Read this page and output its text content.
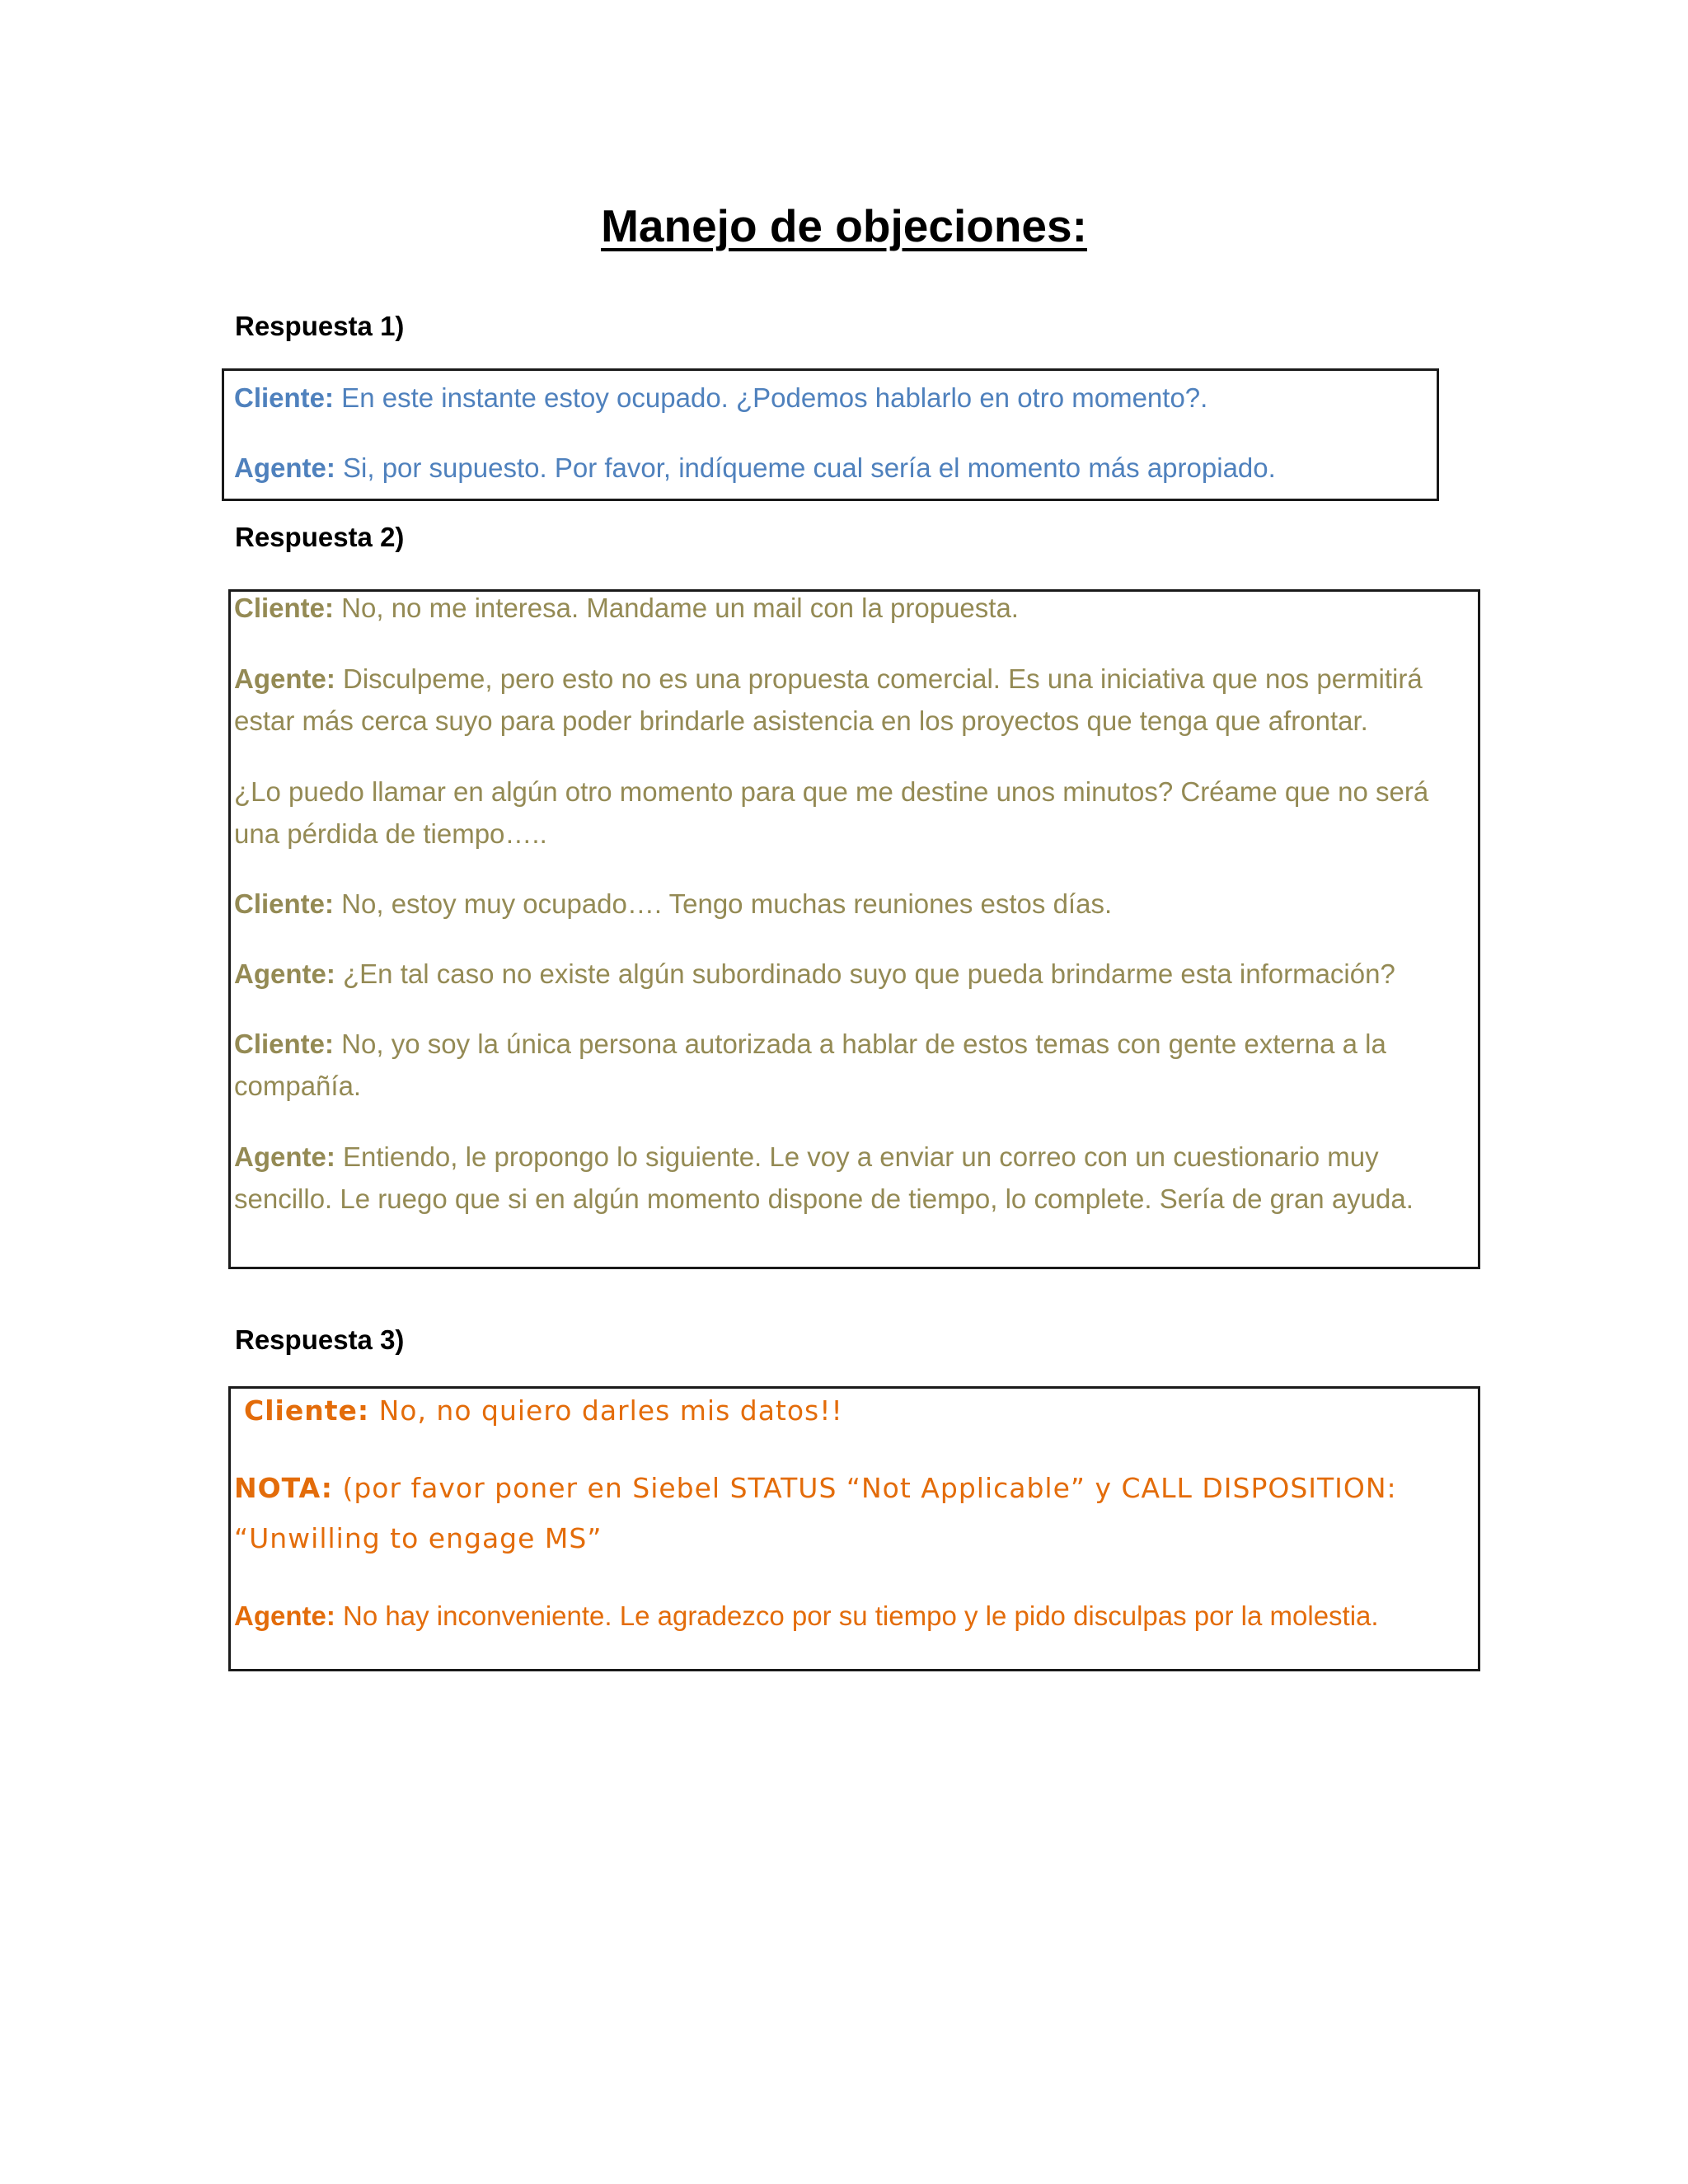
Manejo de objeciones:
Respuesta 1)

Cliente: En este instante estoy ocupado. ¿Podemos hablarlo en otro momento?.

Agente: Si, por supuesto. Por favor, indíqueme cual sería el momento más apropiado.

Respuesta 2)

Cliente: No, no me interesa. Mandame un mail con la propuesta.

Agente: Disculpeme, pero esto no es una propuesta comercial. Es una iniciativa que nos permitirá

estar más cerca suyo para poder brindarle asistencia en los proyectos que tenga que afrontar.

¿Lo puedo llamar en algún otro momento para que me destine unos minutos? Créame que no será

una pérdida de tiempo…..

Cliente: No, estoy muy ocupado…. Tengo muchas reuniones estos días.

Agente: ¿En tal caso no existe algún subordinado suyo que pueda brindarme esta información?

Cliente: No, yo soy la única persona autorizada a hablar de estos temas con gente externa a la

compañía.

Agente: Entiendo, le propongo lo siguiente. Le voy a enviar un correo con un cuestionario muy

sencillo. Le ruego que si en algún momento dispone de tiempo, lo complete. Sería de gran ayuda.

Respuesta 3)

Cliente: No, no quiero darles mis datos!!

NOTA: (por favor poner en Siebel STATUS “Not Applicable” y CALL DISPOSITION:

“Unwilling to engage MS”

Agente: No hay inconveniente. Le agradezco por su tiempo y le pido disculpas por la molestia.
